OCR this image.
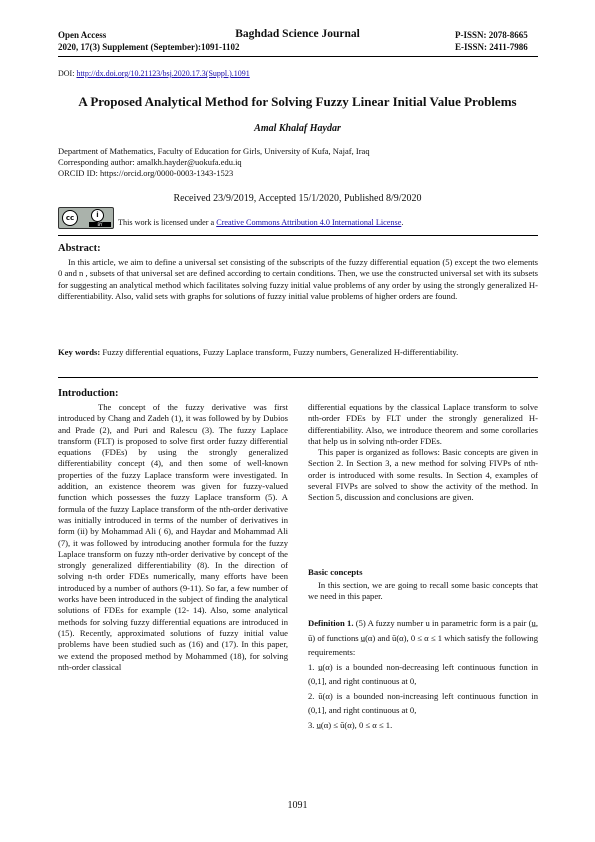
Open Access
2020, 17(3) Supplement (September):1091-1102
Baghdad Science Journal	P-ISSN: 2078-8665
E-ISSN: 2411-7986
DOI: http://dx.doi.org/10.21123/bsj.2020.17.3(Suppl.).1091
A Proposed Analytical Method for Solving Fuzzy Linear Initial Value Problems
Amal Khalaf Haydar
Department of Mathematics, Faculty of Education for Girls, University of Kufa, Najaf, Iraq
Corresponding author: amalkh.hayder@uokufa.edu.iq
ORCID ID: https://orcid.org/0000-0003-1343-1523
Received 23/9/2019, Accepted 15/1/2020, Published 8/9/2020
cc	i
BY	This work is licensed under a Creative Commons Attribution 4.0 International License.
Abstract:
In this article, we aim to define a universal set consisting of the subscripts of the fuzzy differential equation (5) except the two elements 0 and n , subsets of that universal set are defined according to certain conditions. Then, we use the constructed universal set with its subsets for suggesting an analytical method which facilitates solving fuzzy initial value problems of any order by using the strongly generalized H-differentiability. Also, valid sets with graphs for solutions of fuzzy initial value problems of higher orders are found.
Key words: Fuzzy differential equations, Fuzzy Laplace transform, Fuzzy numbers, Generalized H-differentiability.
Introduction:

The concept of the fuzzy derivative was first introduced by Chang and Zadeh (1), it was followed by by Dubios and Prade (2), and Puri and Ralescu (3). The fuzzy Laplace transform (FLT) is proposed to solve first order fuzzy differential equations (FDEs) by using the strongly generalized differentiability concept (4), and then some of well-known properties of the fuzzy Laplace transform were investigated. In addition, an existence theorem was given for fuzzy-valued function which possesses the fuzzy Laplace transform (5). A formula of the fuzzy Laplace transform of the nth-order derivative was initially introduced in terms of the number of derivatives in form (ii) by Mohammad Ali ( 6), and Haydar and Mohammad Ali (7), it was followed by introducing another formula for the fuzzy Laplace transform on fuzzy nth-order derivative by concept of the strongly generalized differentiability (8). In the direction of solving n-th order FDEs numerically, many efforts have been introduced by a number of authors (9-11). So far, a few number of works have been introduced in the subject of finding the analytical solutions of FDEs for example (12- 14). Also, some analytical methods for solving fuzzy differential equations are introduced in (15). Recently, approximated solutions of fuzzy initial value problems have been studied such as (16) and (17). In this paper, we extend the proposed method by Mohammed (18), for solving nth-order classical

differential equations by the classical Laplace transform to solve nth-order FDEs by FLT under the strongly generalized H-differentiability. Also, we introduce theorem and some corollaries that help us in solving nth-order FDEs.

This paper is organized as follows: Basic concepts are given in Section 2. In Section 3, a new method for solving FIVPs of nth-order is introduced with some results. In Section 4, examples of several FIVPs are solved to show the activity of the method. In Section 5, discussion and conclusions are given.

Basic concepts
In this section, we are going to recall some basic concepts that we need in this paper.

Definition 1. (5) A fuzzy number u in parametric form is a pair (u̲, ū) of functions u̲(α) and ū(α), 0 ≤ α ≤ 1 which satisfy the following requirements:

1. u̲(α) is a bounded non-decreasing left continuous function in (0,1], and right continuous at 0,

2. ū(α) is a bounded non-increasing left continuous function in (0,1], and right continuous at 0,

3. u̲(α) ≤ ū(α), 0 ≤ α ≤ 1.

1091
